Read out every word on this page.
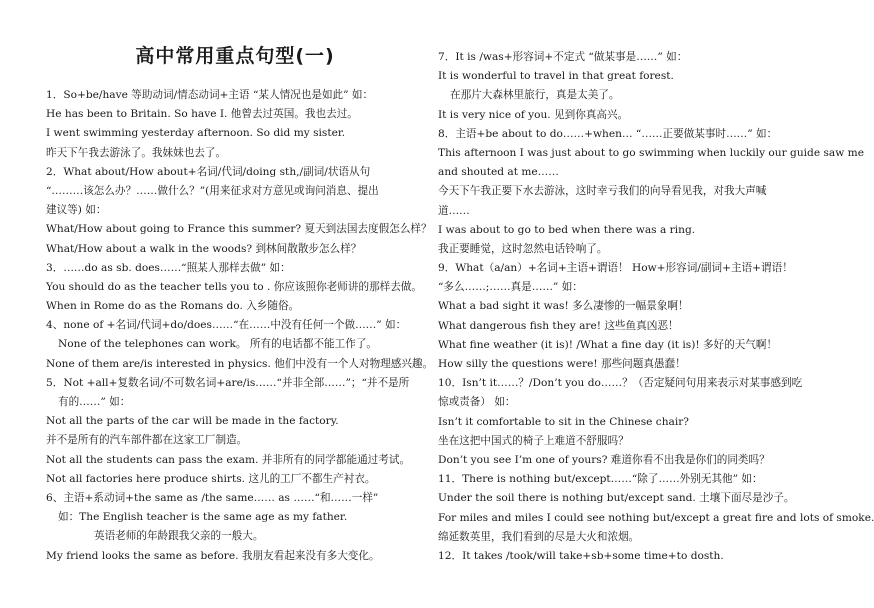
高中常用重点句型(一)
1．So+be/have 等助动词/情态动词+主语 “某人情况也是如此” 如：
He has been to Britain. So have I. 他曾去过英国。我也去过。
I went swimming yesterday afternoon. So did my sister.
昨天下午我去游泳了。我妹妹也去了。
2．What about/How about+名词/代词/doing sth,/副词/状语从句
“………该怎么办？……做什么？”(用来征求对方意见或询问消息、提出
建议等) 如：
What/How about going to France this summer? 夏天到法国去度假怎么样？
What/How about a walk in the woods? 到林间散散步怎么样？
3．……do as sb. does……“照某人那样去做” 如：
You should do as the teacher tells you to . 你应该照你老师讲的那样去做。
When in Rome do as the Romans do. 入乡随俗。
4、none of +名词/代词+do/does……“在……中没有任何一个做……” 如：
None of the telephones can work。 所有的电话都不能工作了。
None of them are/is interested in physics. 他们中没有一个人对物理感兴趣。
5．Not +all+复数名词/不可数名词+are/is……“并非全部……”；“并不是所
有的……” 如：
Not all the parts of the car will be made in the factory.
并不是所有的汽车部件都在这家工厂制造。
Not all the students can pass the exam. 并非所有的同学都能通过考试。
Not all factories here produce shirts. 这儿的工厂不都生产衬衣。
6、主语+系动词+the same as /the same…… as ……“和……一样”
如：The English teacher is the same age as my father.
英语老师的年龄跟我父亲的一般大。
My friend looks the same as before. 我朋友看起来没有多大变化。
7．It is /was+形容词+不定式 “做某事是……” 如：
It is wonderful to travel in that great forest.
在那片大森林里旅行，真是太美了。
It is very nice of you. 见到你真高兴。
8．主语+be about to do……+when… “……正要做某事时……” 如：
This afternoon I was just about to go swimming when luckily our guide saw me
and shouted at me……
今天下午我正要下水去游泳，这时幸亏我们的向导看见我，对我大声喊
道……
I was about to go to bed when there was a ring.
我正要睡觉，这时忽然电话铃响了。
9．What（a/an）+名词+主语+谓语！ How+形容词/副词+主语+谓语！
“多么……;……真是……” 如：
What a bad sight it was! 多么凄惨的一幅景象啊！
What dangerous fish they are! 这些鱼真凶恶！
What fine weather (it is)! /What a fine day (it is)! 多好的天气啊！
How silly the questions were! 那些问题真愚蠢！
10．Isn’t it……？/Don’t you do……？（否定疑问句用来表示对某事感到吃
惊或责备） 如：
Isn’t it comfortable to sit in the Chinese chair?
坐在这把中国式的椅子上难道不舒服吗？
Don’t you see I’m one of yours? 难道你看不出我是你们的同类吗？
11．There is nothing but/except……“除了……外别无其他” 如：
Under the soil there is nothing but/except sand. 土壤下面尽是沙子。
For miles and miles I could see nothing but/except a great fire and lots of smoke.
绵延数英里，我们看到的尽是大火和浓烟。
12．It takes /took/will take+sb+some time+to dosth.
